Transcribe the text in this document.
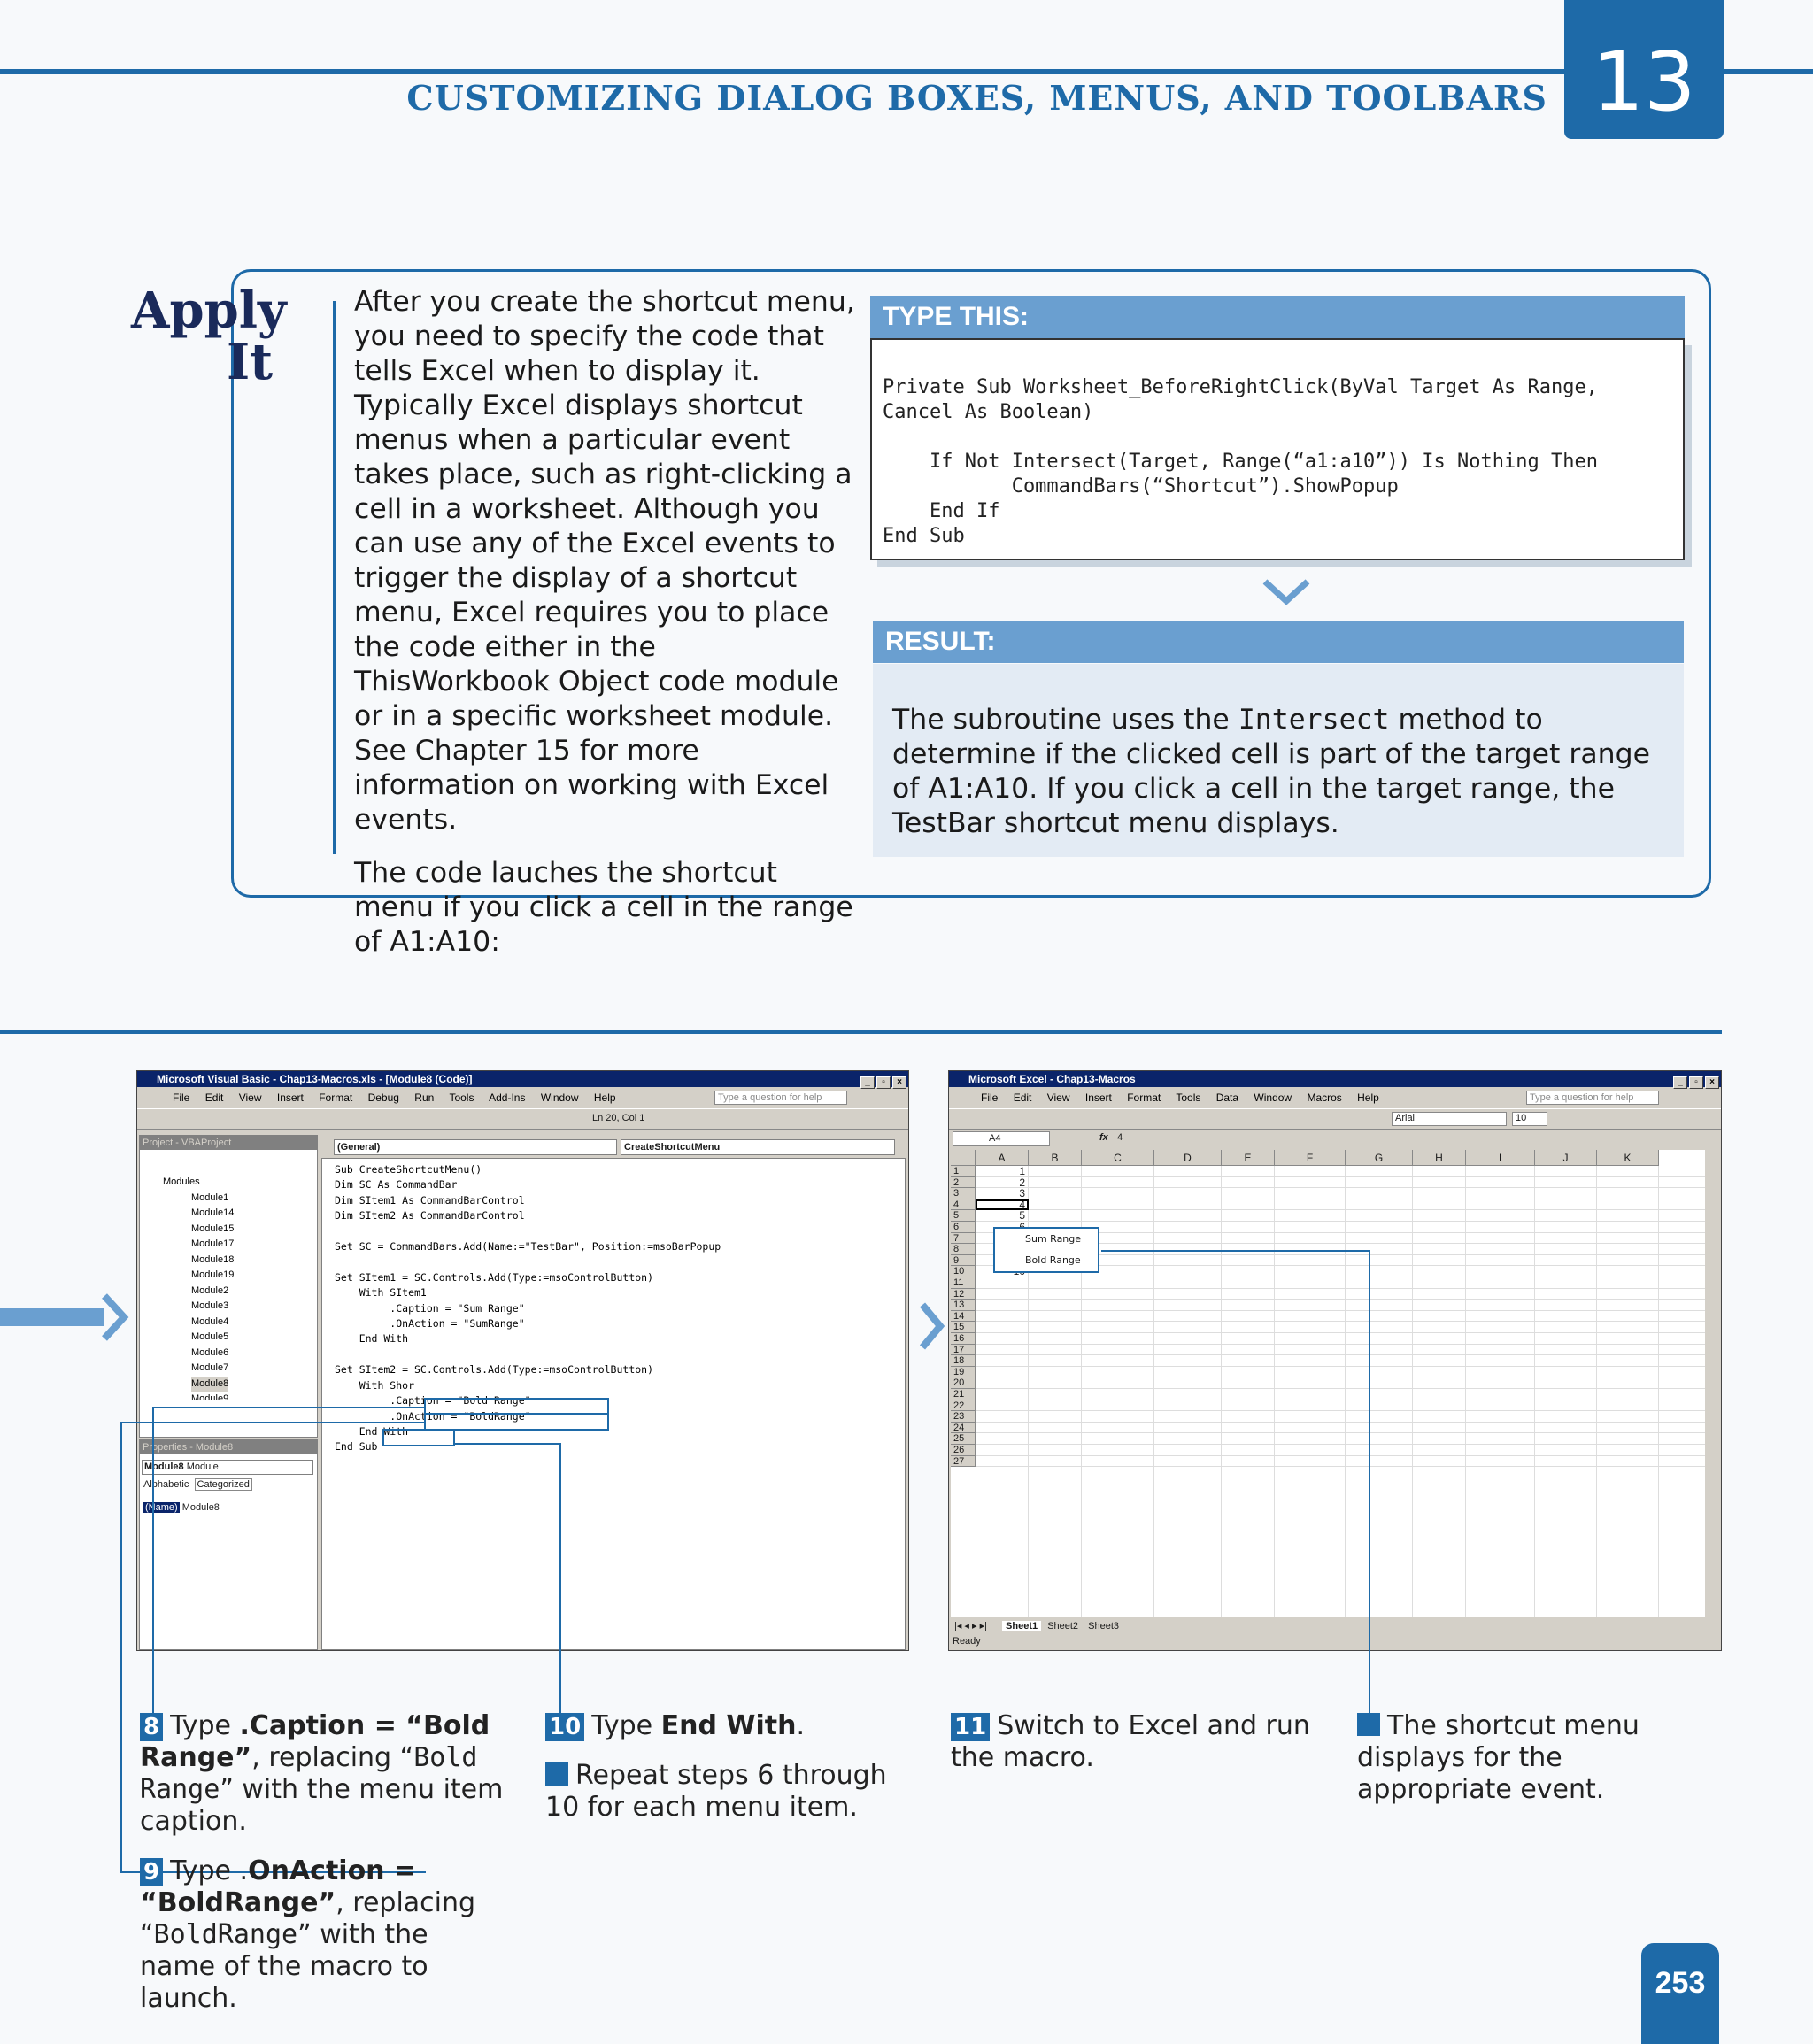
CUSTOMIZING DIALOG BOXES, MENUS, AND TOOLBARS 13
Apply
It

After you create the shortcut menu, you need to specify the code that tells Excel when to display it. Typically Excel displays shortcut menus when a particular event takes place, such as right-clicking a cell in a worksheet. Although you can use any of the Excel events to trigger the display of a shortcut menu, Excel requires you to place the code either in the ThisWorkbook Object code module or in a specific worksheet module. See Chapter 15 for more information on working with Excel events.

The code lauches the shortcut menu if you click a cell in the range of A1:A10:

TYPE THIS:
Private Sub Worksheet_BeforeRightClick(ByVal Target As Range,
Cancel As Boolean)

If Not Intersect(Target, Range(“a1:a10”)) Is Nothing Then
CommandBars(“Shortcut”).ShowPopup
End If
End Sub
RESULT:
The subroutine uses the Intersect method to determine if the clicked cell is part of the target range of A1:A10. If you click a cell in the target range, the TestBar shortcut menu displays.
Microsoft Visual Basic - Chap13-Macros.xls - [Module8 (Code)]	_ ▫ ×
File Edit View Insert Format Debug Run Tools Add-Ins Window Help	Type a question for help
Ln 20, Col 1
Project - VBAProject
Modules
Module1
Module14
Module15
Module17
Module18
Module19
Module2
Module3
Module4
Module5
Module6
Module7
Module8
Module9
Properties - Module8
Module8 Module
Alphabetic Categorized
(Name) Module8
(General)	CreateShortcutMenu
Sub CreateShortcutMenu()
Dim SC As CommandBar
Dim SItem1 As CommandBarControl
Dim SItem2 As CommandBarControl

Set SC = CommandBars.Add(Name:="TestBar", Position:=msoBarPopup

Set SItem1 = SC.Controls.Add(Type:=msoControlButton)
With SItem1
.Caption = "Sum Range"
.OnAction = "SumRange"
End With

Set SItem2 = SC.Controls.Add(Type:=msoControlButton)
With Shor
.Caption = "Bold Range"
.OnAction = "BoldRange"
End With
End Sub
Microsoft Excel - Chap13-Macros	_ ▫ ×
File Edit View Insert Format Tools Data Window Macros Help	Type a question for help
Arial	10
A4	fx 4
A	B	C	D	E	F	G	H	I	J	K
1
2
3
4
5
6
7
8
9
10
11
12
13
14
15
16
17
18
19
20
21
22
23
24
25
26
27
1
2
3
4
5
|◂ ◂ ▸ ▸| Sheet1 Sheet2 Sheet3
Ready
Sum Range
Bold Range
8 Type .Caption = “Bold Range”, replacing “Bold Range” with the menu item caption.
9 Type .OnAction = “BoldRange”, replacing “BoldRange” with the name of the macro to launch.
10 Type End With.
Repeat steps 6 through 10 for each menu item.
11 Switch to Excel and run the macro.
The shortcut menu displays for the appropriate event.
253
